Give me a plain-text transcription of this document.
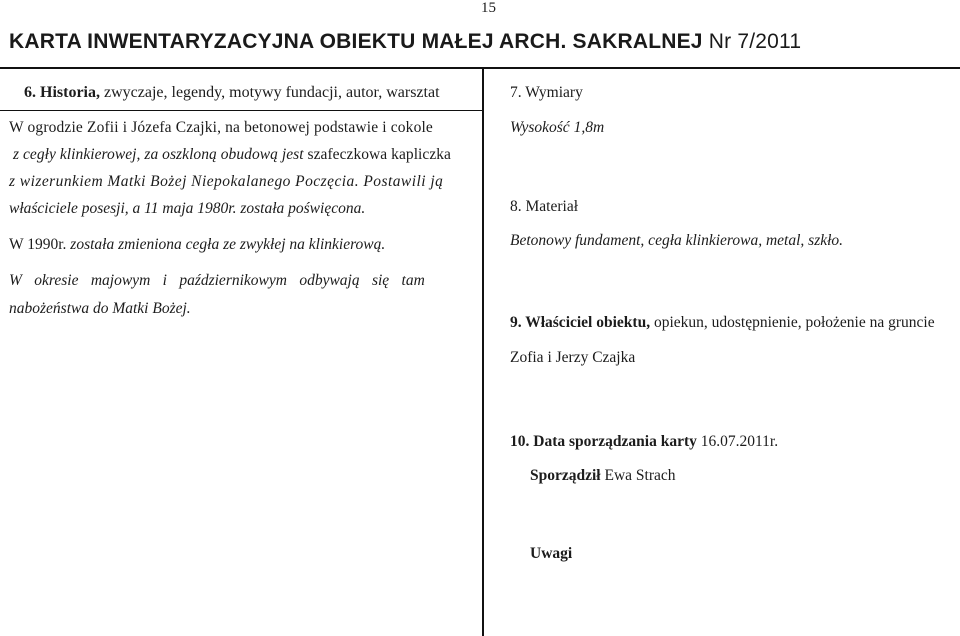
15
KARTA INWENTARYZACYJNA OBIEKTU MAŁEJ ARCH. SAKRALNEJ Nr 7/2011
6. Historia, zwyczaje, legendy, motywy fundacji, autor, warsztat
W ogrodzie Zofii i Józefa Czajki, na betonowej podstawie i cokole
z cegły klinkierowej, za oszkloną obudową jest szafeczkowa kapliczka
z wizerunkiem Matki Bożej Niepokalanego Poczęcia. Postawili ją
właściciele posesji, a 11 maja 1980r. została poświęcona.
W 1990r. została zmieniona cegła ze zwykłej na klinkierową.
W okresie majowym i październikowym odbywają się tam
nabożeństwa do Matki Bożej.
7. Wymiary
Wysokość 1,8m
8. Materiał
Betonowy fundament, cegła klinkierowa, metal, szkło.
9. Właściciel obiektu, opiekun, udostępnienie, położenie na gruncie
Zofia i Jerzy Czajka
10. Data sporządzania karty 16.07.2011r.
Sporządził Ewa Strach
Uwagi
